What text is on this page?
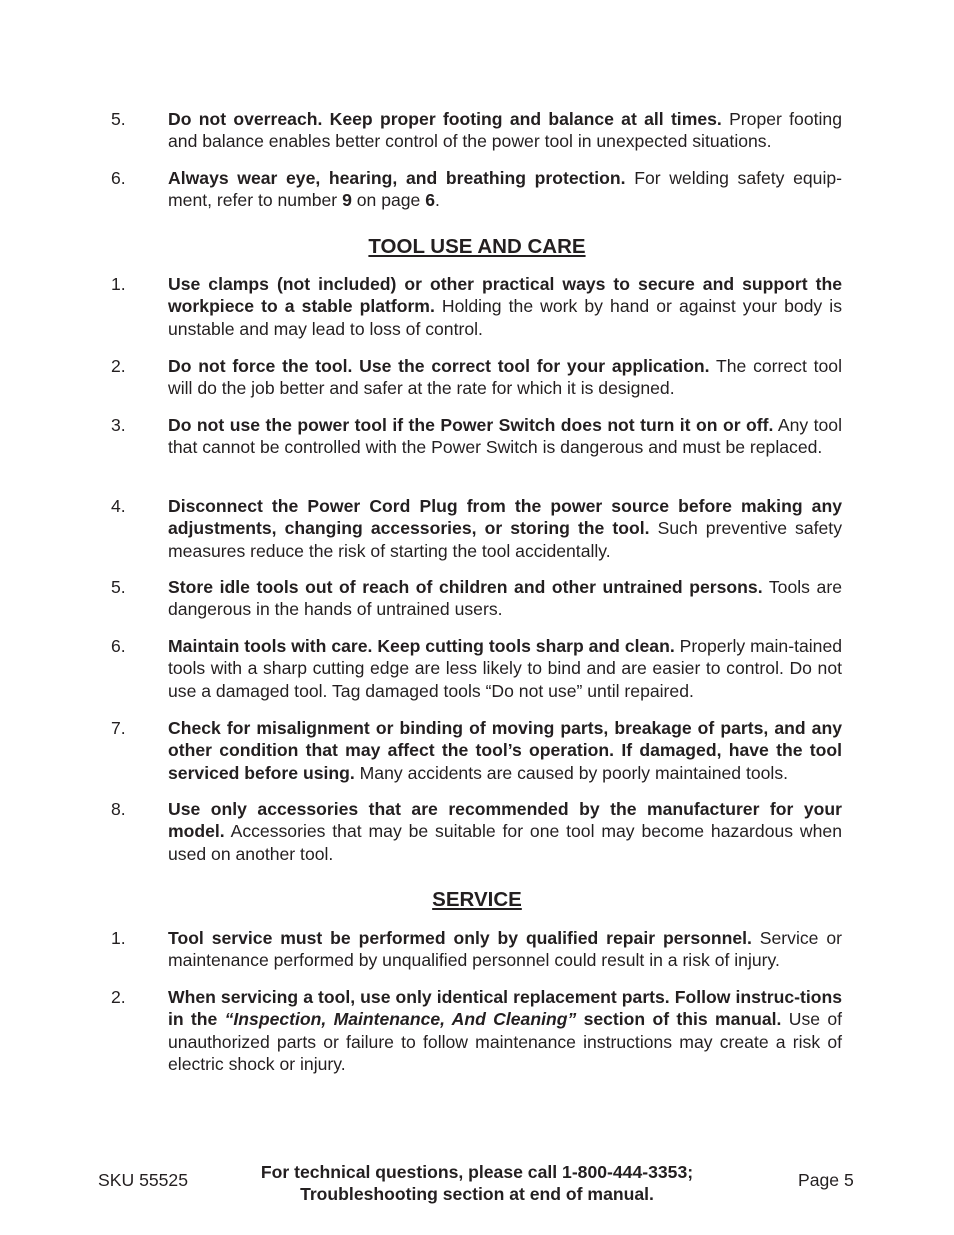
5. Do not overreach. Keep proper footing and balance at all times. Proper footing and balance enables better control of the power tool in unexpected situations.
6. Always wear eye, hearing, and breathing protection. For welding safety equip-ment, refer to number 9 on page 6.
TOOL USE AND CARE
1. Use clamps (not included) or other practical ways to secure and support the workpiece to a stable platform. Holding the work by hand or against your body is unstable and may lead to loss of control.
2. Do not force the tool. Use the correct tool for your application. The correct tool will do the job better and safer at the rate for which it is designed.
3. Do not use the power tool if the Power Switch does not turn it on or off. Any tool that cannot be controlled with the Power Switch is dangerous and must be replaced.
4. Disconnect the Power Cord Plug from the power source before making any adjustments, changing accessories, or storing the tool. Such preventive safety measures reduce the risk of starting the tool accidentally.
5. Store idle tools out of reach of children and other untrained persons. Tools are dangerous in the hands of untrained users.
6. Maintain tools with care. Keep cutting tools sharp and clean. Properly main-tained tools with a sharp cutting edge are less likely to bind and are easier to control. Do not use a damaged tool. Tag damaged tools “Do not use” until repaired.
7. Check for misalignment or binding of moving parts, breakage of parts, and any other condition that may affect the tool’s operation. If damaged, have the tool serviced before using. Many accidents are caused by poorly maintained tools.
8. Use only accessories that are recommended by the manufacturer for your model. Accessories that may be suitable for one tool may become hazardous when used on another tool.
SERVICE
1. Tool service must be performed only by qualified repair personnel. Service or maintenance performed by unqualified personnel could result in a risk of injury.
2. When servicing a tool, use only identical replacement parts. Follow instruc-tions in the “Inspection, Maintenance, And Cleaning” section of this manual. Use of unauthorized parts or failure to follow maintenance instructions may create a risk of electric shock or injury.
SKU 55525	For technical questions, please call 1-800-444-3353;
Troubleshooting section at end of manual.
Page 5
